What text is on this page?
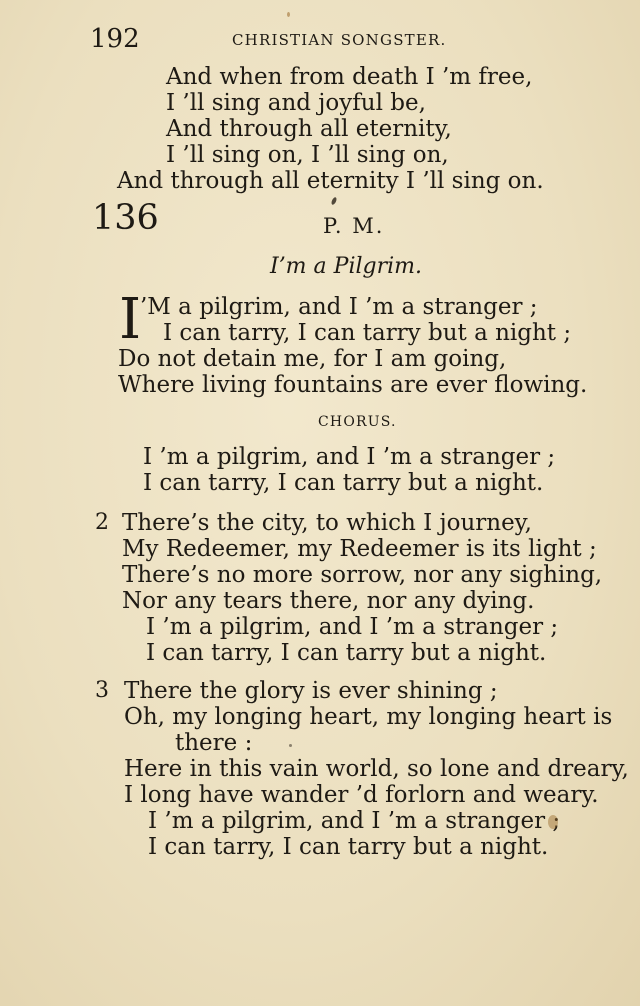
192	CHRISTIAN SONGSTER.
And when from death I ’m free,
I ’ll sing and joyful be,
And through all eternity,
I ’ll sing on, I ’ll sing on,
And through all eternity I ’ll sing on.
136	P. M.
I’m a Pilgrim.
I
’M a pilgrim, and I ’m a stranger ;
I can tarry, I can tarry but a night ;
Do not detain me, for I am going,
Where living fountains are ever flowing.
CHORUS.
I ’m a pilgrim, and I ’m a stranger ;
I can tarry, I can tarry but a night.
2 There’s the city, to which I journey,
My Redeemer, my Redeemer is its light ;
There’s no more sorrow, nor any sighing,
Nor any tears there, nor any dying.
I ’m a pilgrim, and I ’m a stranger ;
I can tarry, I can tarry but a night.
3 There the glory is ever shining ;
Oh, my longing heart, my longing heart is
there :
Here in this vain world, so lone and dreary,
I long have wander ’d forlorn and weary.
I ’m a pilgrim, and I ’m a stranger ;
I can tarry, I can tarry but a night.
